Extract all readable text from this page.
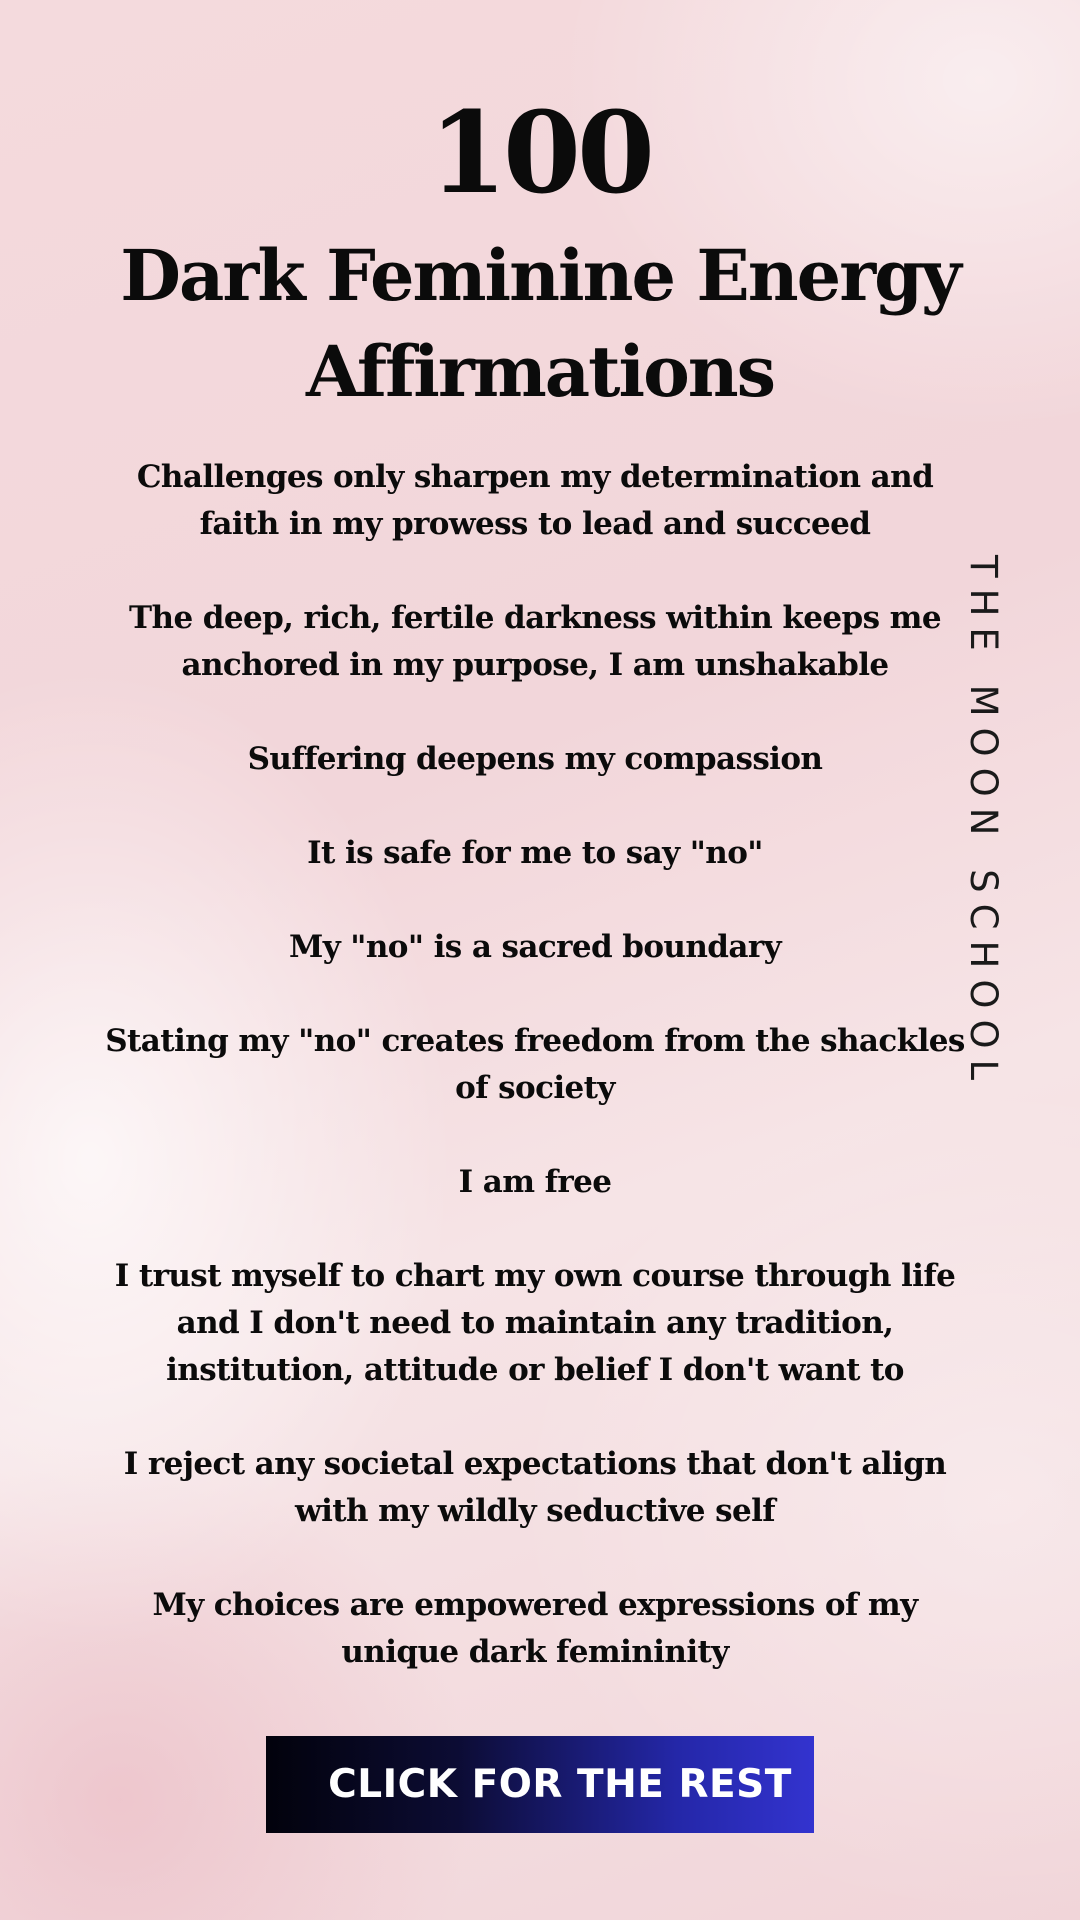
100
Dark Feminine Energy Affirmations
Challenges only sharpen my determination and faith in my prowess to lead and succeed
The deep, rich, fertile darkness within keeps me anchored in my purpose, I am unshakable
Suffering deepens my compassion
It is safe for me to say "no"
My "no" is a sacred boundary
Stating my "no" creates freedom from the shackles of society
I am free
I trust myself to chart my own course through life and I don't need to maintain any tradition, institution, attitude or belief I don't want to
I reject any societal expectations that don't align with my wildly seductive self
My choices are empowered expressions of my unique dark femininity
THE MOON SCHOOL
CLICK FOR THE REST
